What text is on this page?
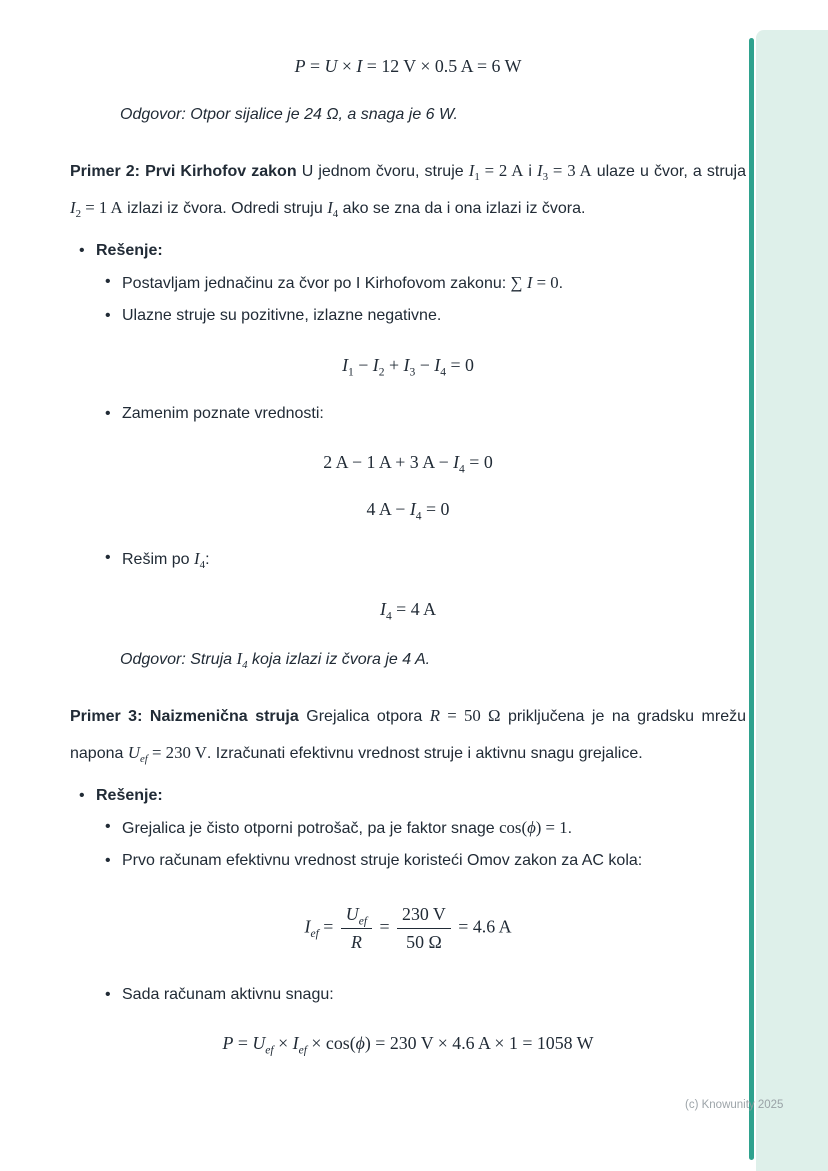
P = U × I = 12 V × 0.5 A = 6 W
Odgovor: Otpor sijalice je 24 Ω, a snaga je 6 W.

Primer 2: Prvi Kirhofov zakon U jednom čvoru, struje $I_1 = 2$ A i $I_3 = 3$ A ulaze u čvor, a struja $I_2 = 1$ A izlazi iz čvora. Odredi struju $I_4$ ako se zna da i ona izlazi iz čvora.

• Rešenje:
• Postavljam jednačinu za čvor po I Kirhofovom zakonu: ∑ I = 0.
• Ulazne struje su pozitivne, izlazne negativne.
$I_1 - I_2 + I_3 - I_4 = 0$
• Zamenim poznate vrednosti:
2 A − 1 A + 3 $A - I_4 = 0$
4 $A - I_4 = 0$
• Rešim po $I_4$:
$I_4 = 4$ A
Odgovor: Struja $I_4$ koja izlazi iz čvora je 4 A.

Primer 3: Naizmenična struja Grejalica otpora R = 50 Ω priključena je na gradsku mrežu napona $U_{ef} = 230$ V. Izračunati efektivnu vrednost struje i aktivnu snagu grejalice.

• Rešenje:
• Grejalica je čisto otporni potrošač, pa je faktor snage cos(ϕ) = 1.
• Prvo računam efektivnu vrednost struje koristeći Omov zakon za AC kola:
$I_{ef} = \frac{U_{ef}}{R} = \frac{230 V}{50 \Omega} = 4.6$ A
• Sada računam aktivnu snagu:
$P = U_{ef} \times I_{ef} \times \cos(\phi) = 230$ V × 4.6 A × 1 = 1058 W
(c) Knowunity 2025
